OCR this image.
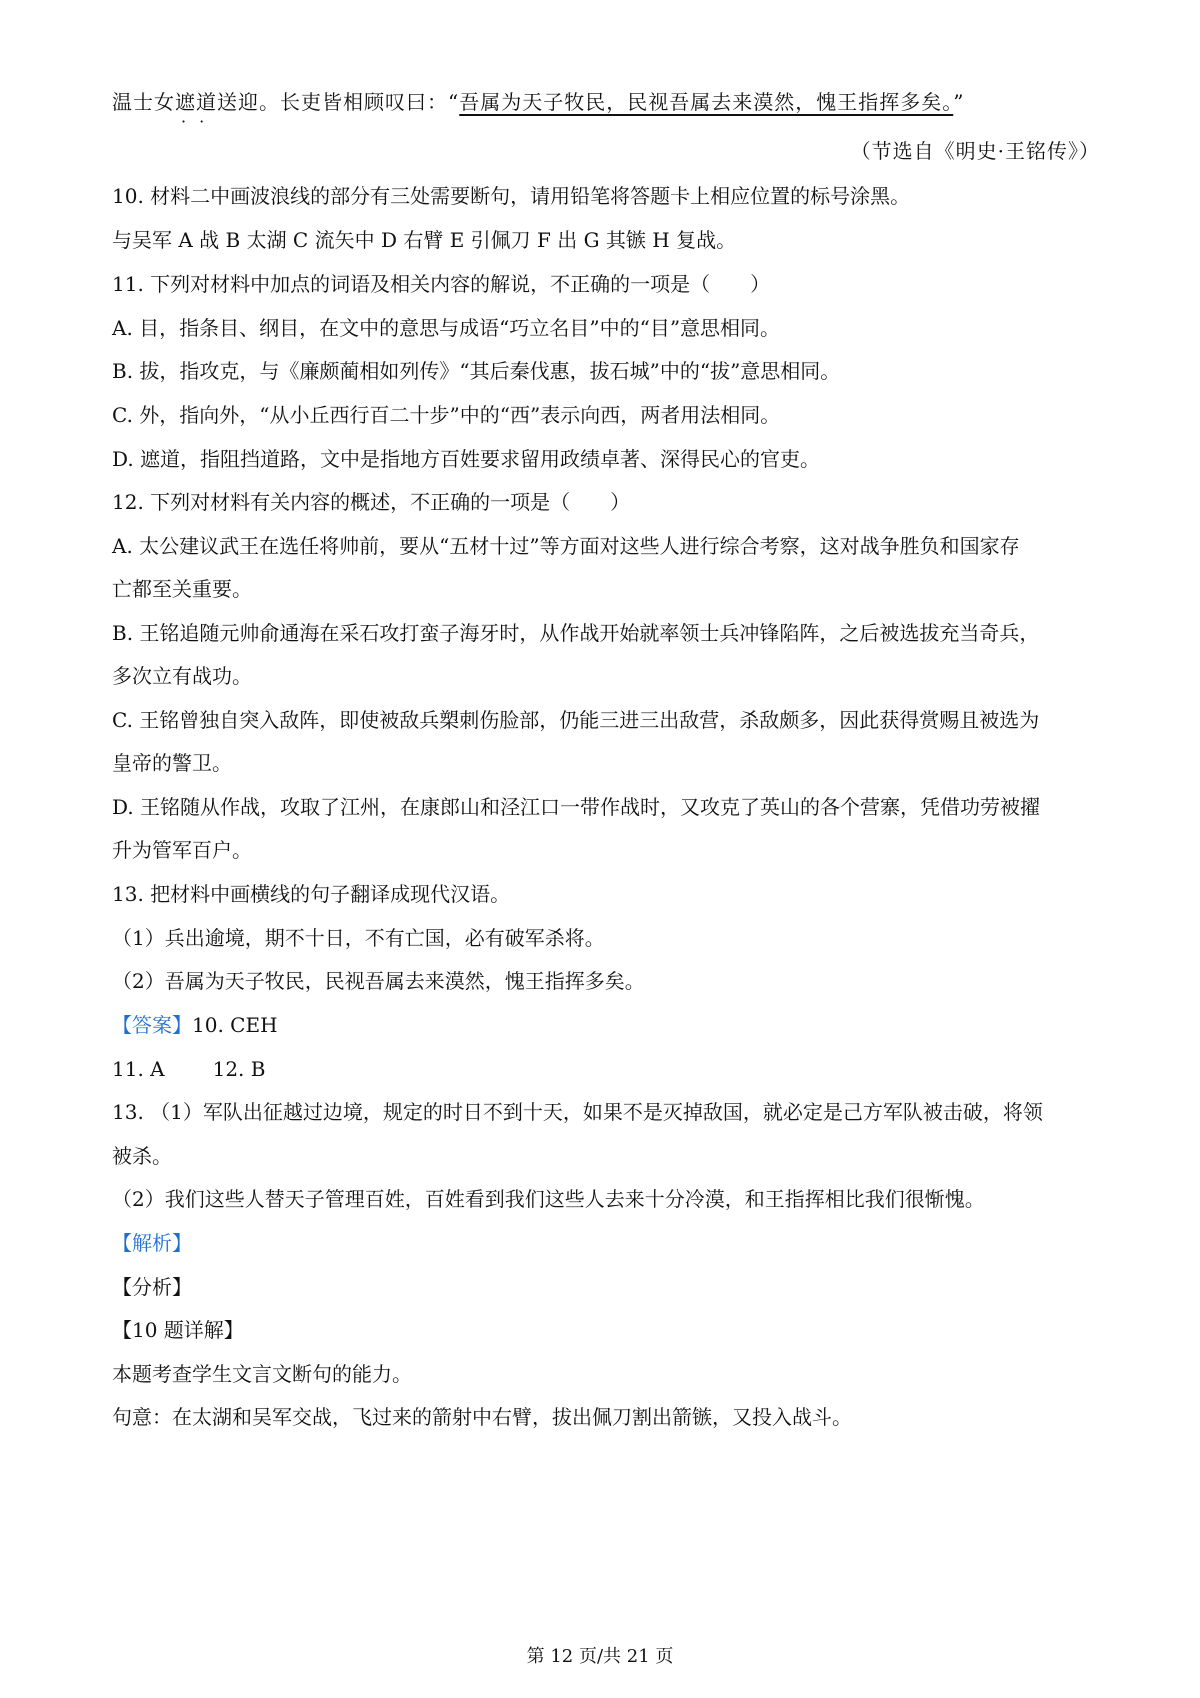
温士女遮道 · ·送迎。长吏皆相顾叹曰：“吾属为天子牧民，民视吾属去来漠然，愧王指挥多矣。”
（节选自《明史·王铭传》）
10. 材料二中画波浪线的部分有三处需要断句，请用铅笔将答题卡上相应位置的标号涂黑。
与吴军 A 战 B 太湖 C 流矢中 D 右臂 E 引佩刀 F 出 G 其镞 H 复战。
11. 下列对材料中加点的词语及相关内容的解说，不正确的一项是（　　）
A. 目，指条目、纲目，在文中的意思与成语“巧立名目”中的“目”意思相同。
B. 拔，指攻克，与《廉颇蔺相如列传》“其后秦伐惠，拔石城”中的“拔”意思相同。
C. 外，指向外，“从小丘西行百二十步”中的“西”表示向西，两者用法相同。
D. 遮道，指阻挡道路，文中是指地方百姓要求留用政绩卓著、深得民心的官吏。
12. 下列对材料有关内容的概述，不正确的一项是（　　）
A. 太公建议武王在选任将帅前，要从“五材十过”等方面对这些人进行综合考察，这对战争胜负和国家存
亡都至关重要。
B. 王铭追随元帅俞通海在采石攻打蛮子海牙时，从作战开始就率领士兵冲锋陷阵，之后被选拔充当奇兵，
多次立有战功。
C. 王铭曾独自突入敌阵，即使被敌兵槊刺伤脸部，仍能三进三出敌营，杀敌颇多，因此获得赏赐且被选为
皇帝的警卫。
D. 王铭随从作战，攻取了江州，在康郎山和泾江口一带作战时，又攻克了英山的各个营寨，凭借功劳被擢
升为管军百户。
13. 把材料中画横线的句子翻译成现代汉语。
（1）兵出逾境，期不十日，不有亡国，必有破军杀将。
（2）吾属为天子牧民，民视吾属去来漠然，愧王指挥多矣。
【答案】10. CEH
11. A 12. B
13. （1）军队出征越过边境，规定的时日不到十天，如果不是灭掉敌国，就必定是己方军队被击破，将领
被杀。
（2）我们这些人替天子管理百姓，百姓看到我们这些人去来十分冷漠，和王指挥相比我们很惭愧。
【解析】
【分析】
【10 题详解】
本题考查学生文言文断句的能力。
句意：在太湖和吴军交战，飞过来的箭射中右臂，拔出佩刀割出箭镞，又投入战斗。
第 12 页/共 21 页
